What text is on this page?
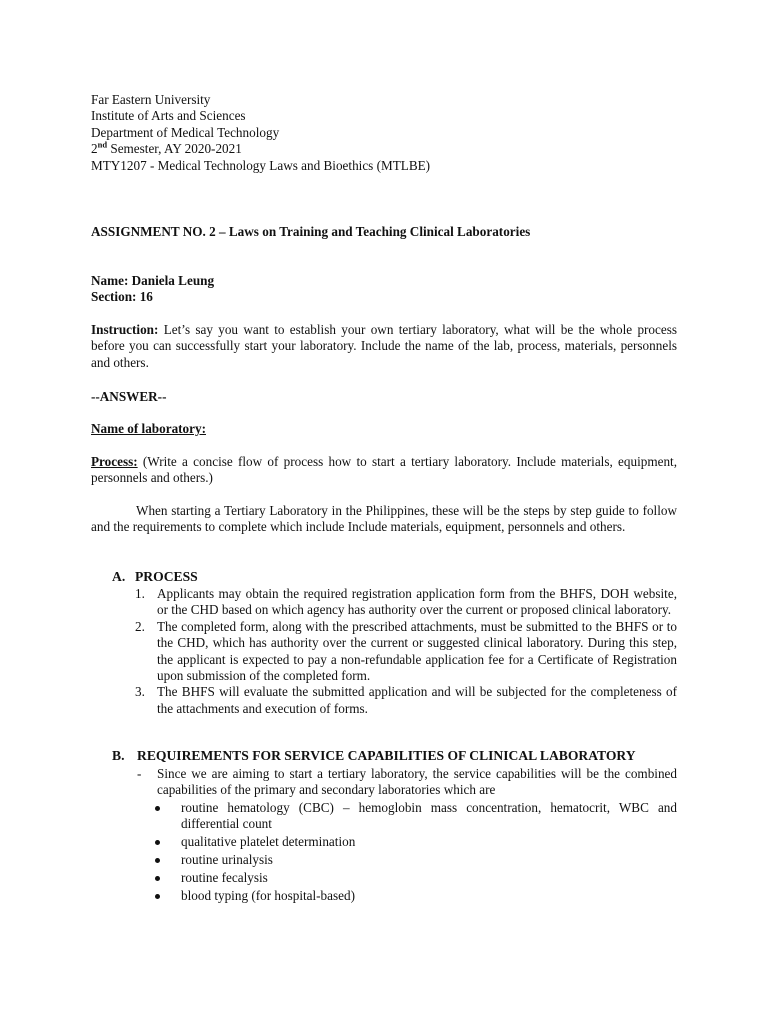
Far Eastern University
Institute of Arts and Sciences
Department of Medical Technology
2nd Semester, AY 2020-2021
MTY1207 - Medical Technology Laws and Bioethics (MTLBE)
ASSIGNMENT NO. 2 – Laws on Training and Teaching Clinical Laboratories
Name: Daniela Leung
Section: 16
Instruction: Let’s say you want to establish your own tertiary laboratory, what will be the whole process before you can successfully start your laboratory. Include the name of the lab, process, materials, personnels and others.
--ANSWER--
Name of laboratory:
Process: (Write a concise flow of process how to start a tertiary laboratory. Include materials, equipment, personnels and others.)
When starting a Tertiary Laboratory in the Philippines, these will be the steps by step guide to follow and the requirements to complete which include Include materials, equipment, personnels and others.
A. PROCESS
1. Applicants may obtain the required registration application form from the BHFS, DOH website, or the CHD based on which agency has authority over the current or proposed clinical laboratory.
2. The completed form, along with the prescribed attachments, must be submitted to the BHFS or to the CHD, which has authority over the current or suggested clinical laboratory. During this step, the applicant is expected to pay a non-refundable application fee for a Certificate of Registration upon submission of the completed form.
3. The BHFS will evaluate the submitted application and will be subjected for the completeness of the attachments and execution of forms.
B. REQUIREMENTS FOR SERVICE CAPABILITIES OF CLINICAL LABORATORY
- Since we are aiming to start a tertiary laboratory, the service capabilities will be the combined capabilities of the primary and secondary laboratories which are
routine hematology (CBC) – hemoglobin mass concentration, hematocrit, WBC and differential count
qualitative platelet determination
routine urinalysis
routine fecalysis
blood typing (for hospital-based)
